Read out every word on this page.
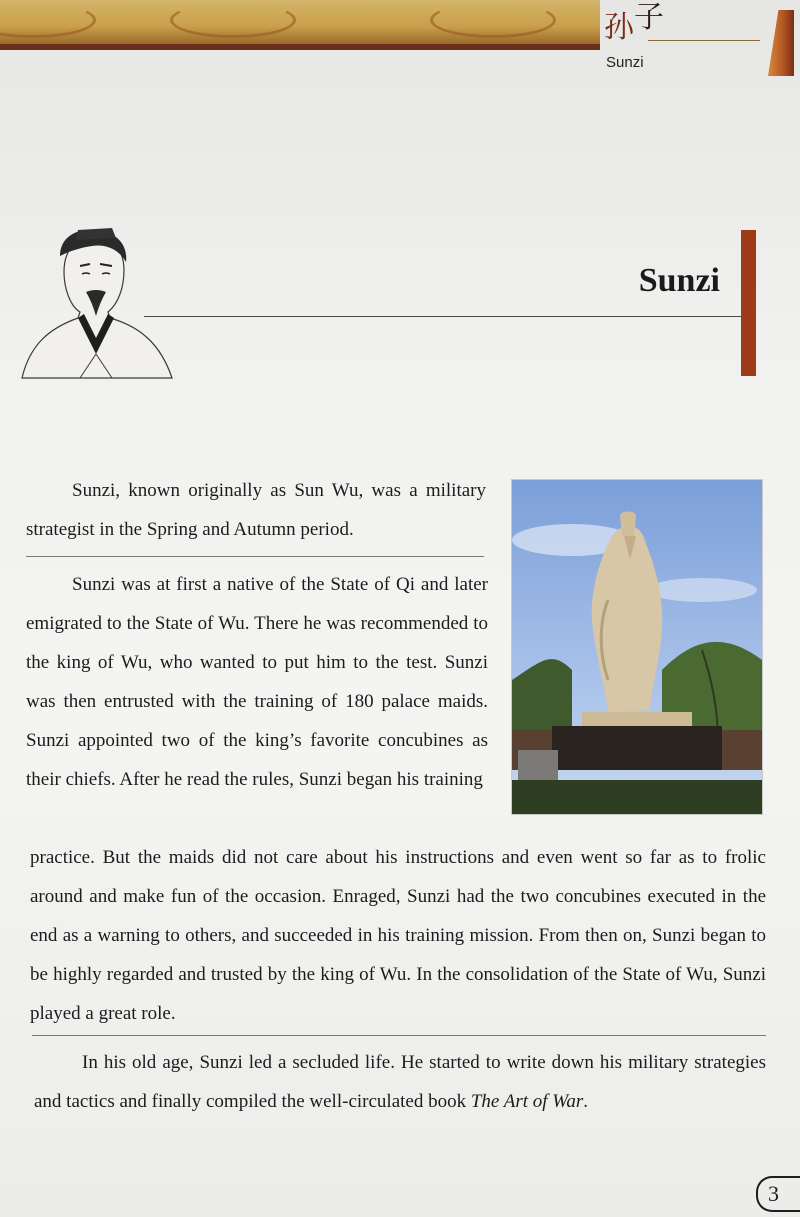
孙子
Sunzi
Sunzi

Sunzi, known originally as Sun Wu, was a military strategist in the Spring and Autumn period.

Sunzi was at first a native of the State of Qi and later emigrated to the State of Wu. There he was recommended to the king of Wu, who wanted to put him to the test. Sunzi was then entrusted with the training of 180 palace maids. Sunzi appointed two of the king’s favorite concubines as their chiefs. After he read the rules, Sunzi began his training

practice. But the maids did not care about his instructions and even went so far as to frolic around and make fun of the occasion. Enraged, Sunzi had the two concubines executed in the end as a warning to others, and succeeded in his training mission. From then on, Sunzi began to be highly regarded and trusted by the king of Wu. In the consolidation of the State of Wu, Sunzi played a great role.

In his old age, Sunzi led a secluded life. He started to write down his military strategies and tactics and finally compiled the well-circulated book The Art of War.

3
